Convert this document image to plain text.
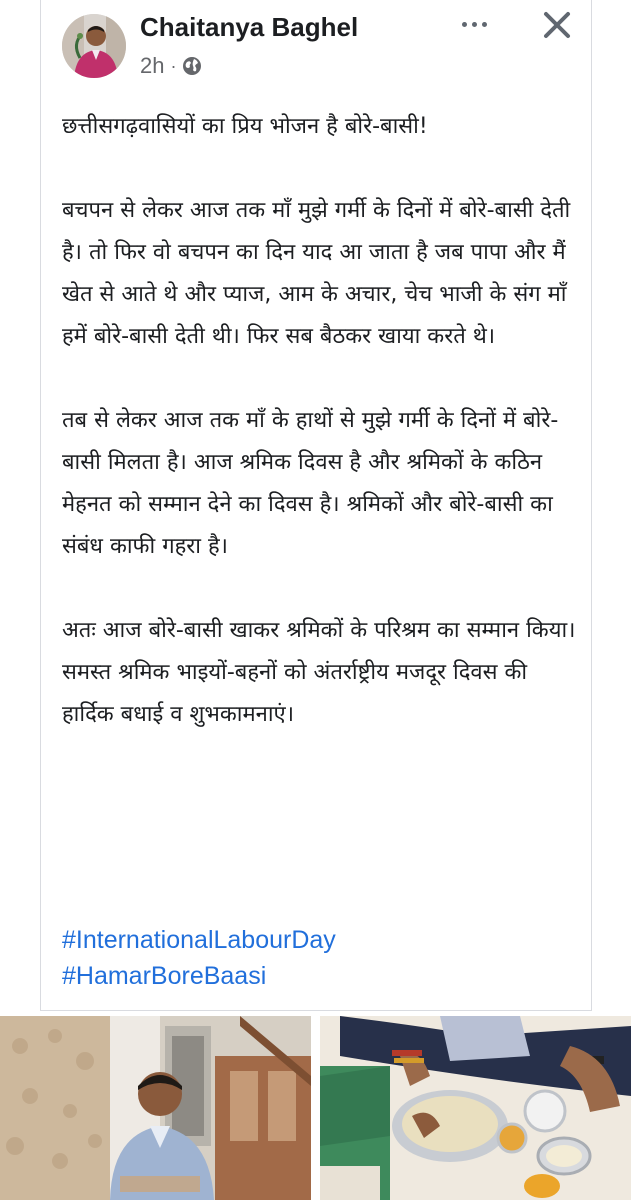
Chaitanya Baghel
2h ·

छत्तीसगढ़वासियों का प्रिय भोजन है बोरे-बासी!

बचपन से लेकर आज तक माँ मुझे गर्मी के दिनों में बोरे-बासी देती है। तो फिर वो बचपन का दिन याद आ जाता है जब पापा और मैं खेत से आते थे और प्याज, आम के अचार, चेच भाजी के संग माँ हमें बोरे-बासी देती थी। फिर सब बैठकर खाया करते थे।

तब से लेकर आज तक माँ के हाथों से मुझे गर्मी के दिनों में बोरे-बासी मिलता है। आज श्रमिक दिवस है और श्रमिकों के कठिन मेहनत को सम्मान देने का दिवस है। श्रमिकों और बोरे-बासी का संबंध काफी गहरा है।

अतः आज बोरे-बासी खाकर श्रमिकों के परिश्रम का सम्मान किया। समस्त श्रमिक भाइयों-बहनों को अंतर्राष्ट्रीय मजदूर दिवस की हार्दिक बधाई व शुभकामनाएं।

#InternationalLabourDay
#HamarBoreBaasi
